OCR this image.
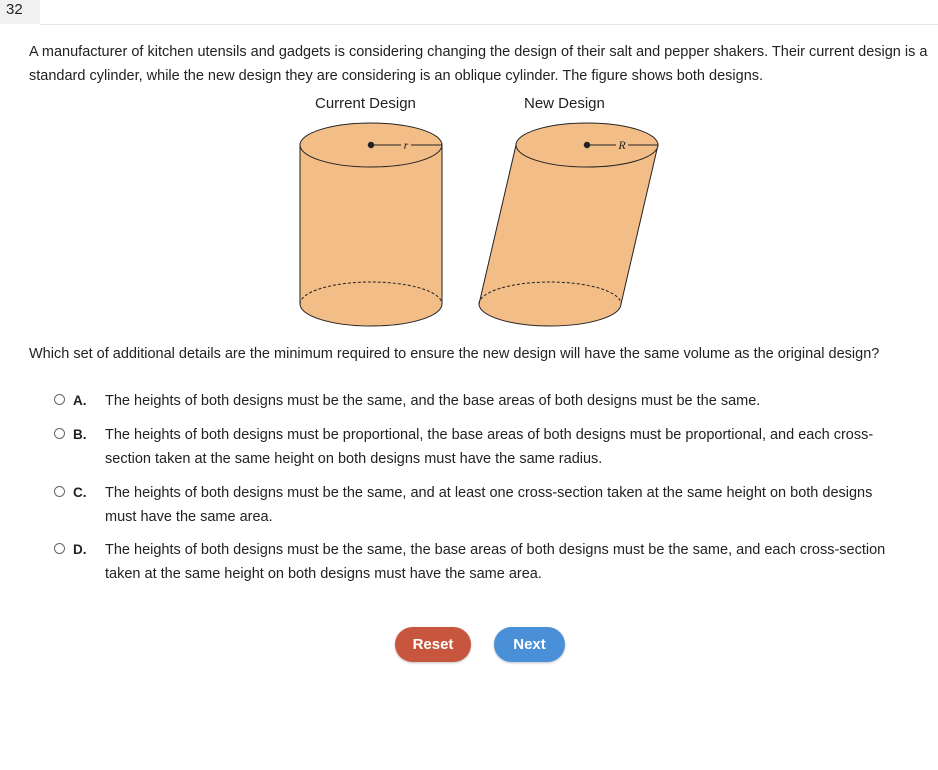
32
A manufacturer of kitchen utensils and gadgets is considering changing the design of their salt and pepper shakers. Their current design is a standard cylinder, while the new design they are considering is an oblique cylinder. The figure shows both designs.
Current Design	New Design
r	R
Which set of additional details are the minimum required to ensure the new design will have the same volume as the original design?
A. The heights of both designs must be the same, and the base areas of both designs must be the same.
B. The heights of both designs must be proportional, the base areas of both designs must be proportional, and each cross-section taken at the same height on both designs must have the same radius.
C. The heights of both designs must be the same, and at least one cross-section taken at the same height on both designs must have the same area.
D. The heights of both designs must be the same, the base areas of both designs must be the same, and each cross-section taken at the same height on both designs must have the same area.
Reset	Next
